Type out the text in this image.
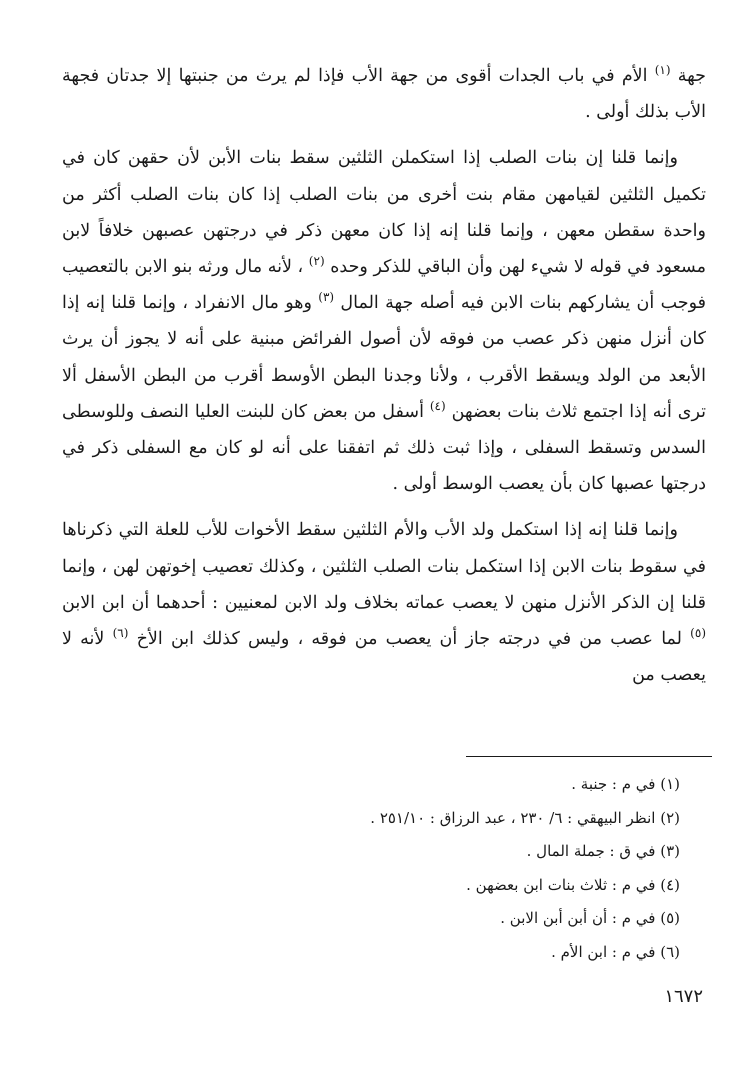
جهة $^{(١)}$ الأم في باب الجدات أقوى من جهة الأب فإذا لم يرث من جنبتها إلا جدتان فجهة الأب بذلك أولى .

وإنما قلنا إن بنات الصلب إذا استكملن الثلثين سقط بنات الأبن لأن حقهن كان في تكميل الثلثين لقيامهن مقام بنت أخرى من بنات الصلب إذا كان بنات الصلب أكثر من واحدة سقطن معهن ، وإنما قلنا إنه إذا كان معهن ذكر في درجتهن عصبهن خلافاً لابن مسعود في قوله لا شيء لهن وأن الباقي للذكر وحده $^{(٢)}$ ، لأنه مال ورثه بنو الابن بالتعصيب فوجب أن يشاركهم بنات الابن فيه أصله جهة المال $^{(٣)}$ وهو مال الانفراد ، وإنما قلنا إنه إذا كان أنزل منهن ذكر عصب من فوقه لأن أصول الفرائض مبنية على أنه لا يجوز أن يرث الأبعد من الولد ويسقط الأقرب ، ولأنا وجدنا البطن الأوسط أقرب من البطن الأسفل ألا ترى أنه إذا اجتمع ثلاث بنات بعضهن $^{(٤)}$ أسفل من بعض كان للبنت العليا النصف وللوسطى السدس وتسقط السفلى ، وإذا ثبت ذلك ثم اتفقنا على أنه لو كان مع السفلى ذكر في درجتها عصبها كان بأن يعصب الوسط أولى .

وإنما قلنا إنه إذا استكمل ولد الأب والأم الثلثين سقط الأخوات للأب للعلة التي ذكرناها في سقوط بنات الابن إذا استكمل بنات الصلب الثلثين ، وكذلك تعصيب إخوتهن لهن ، وإنما قلنا إن الذكر الأنزل منهن لا يعصب عماته بخلاف ولد الابن لمعنيين : أحدهما أن ابن الابن $^{(٥)}$ لما عصب من في درجته جاز أن يعصب من فوقه ، وليس كذلك ابن الأخ $^{(٦)}$ لأنه لا يعصب من

(١) في م : جنبة .
(٢) انظر البيهقي : ٦/ ٢٣٠ ، عبد الرزاق : ٢٥١/١٠ .
(٣) في ق : جملة المال .
(٤) في م : ثلاث بنات ابن بعضهن .
(٥) في م : أن أبن أبن الابن .
(٦) في م : ابن الأم .
١٦٧٢
